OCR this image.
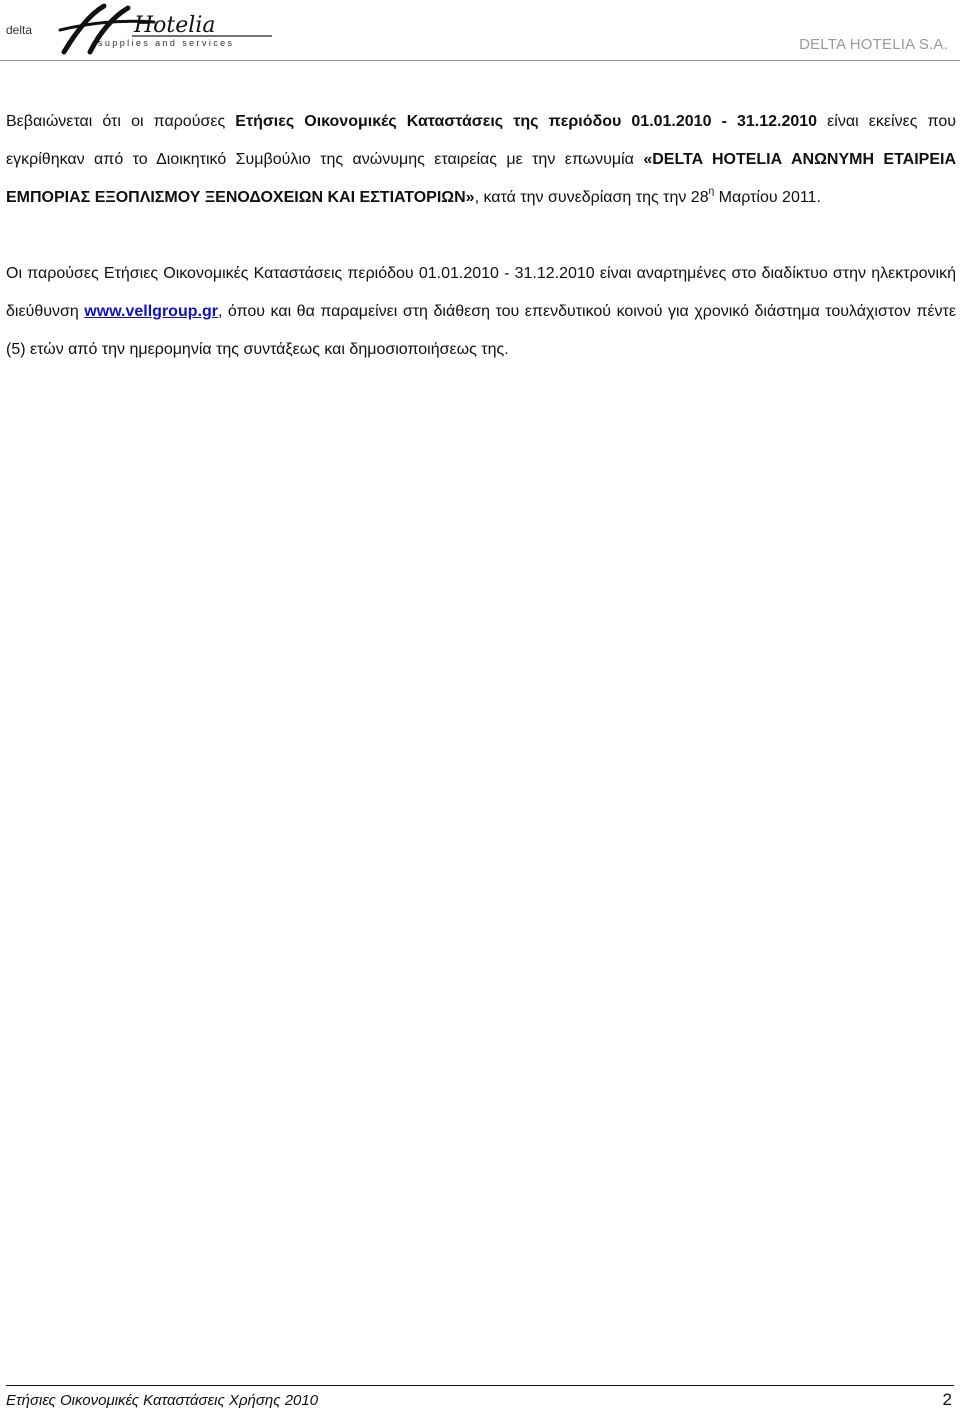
delta	Hotelia
supplies and services	DELTA HOTELIA S.A.

Βεβαιώνεται ότι οι παρούσες Ετήσιες Οικονομικές Καταστάσεις της περιόδου 01.01.2010 - 31.12.2010 είναι εκείνες που εγκρίθηκαν από το Διοικητικό Συμβούλιο της ανώνυμης εταιρείας με την επωνυμία «DELTA HOTELIA ΑΝΩΝΥΜΗ ΕΤΑΙΡΕΙΑ ΕΜΠΟΡΙΑΣ ΕΞΟΠΛΙΣΜΟΥ ΞΕΝΟΔΟΧΕΙΩΝ ΚΑΙ ΕΣΤΙΑΤΟΡΙΩΝ», κατά την συνεδρίαση της την $28^\eta$ Μαρτίου 2011.

Οι παρούσες Ετήσιες Οικονομικές Καταστάσεις περιόδου 01.01.2010 - 31.12.2010 είναι αναρτημένες στο διαδίκτυο στην ηλεκτρονική διεύθυνση www.vellgroup.gr, όπου και θα παραμείνει στη διάθεση του επενδυτικού κοινού για χρονικό διάστημα τουλάχιστον πέντε (5) ετών από την ημερομηνία της συντάξεως και δημοσιοποιήσεως της.

Ετήσιες Οικονομικές Καταστάσεις Χρήσης 2010	2
